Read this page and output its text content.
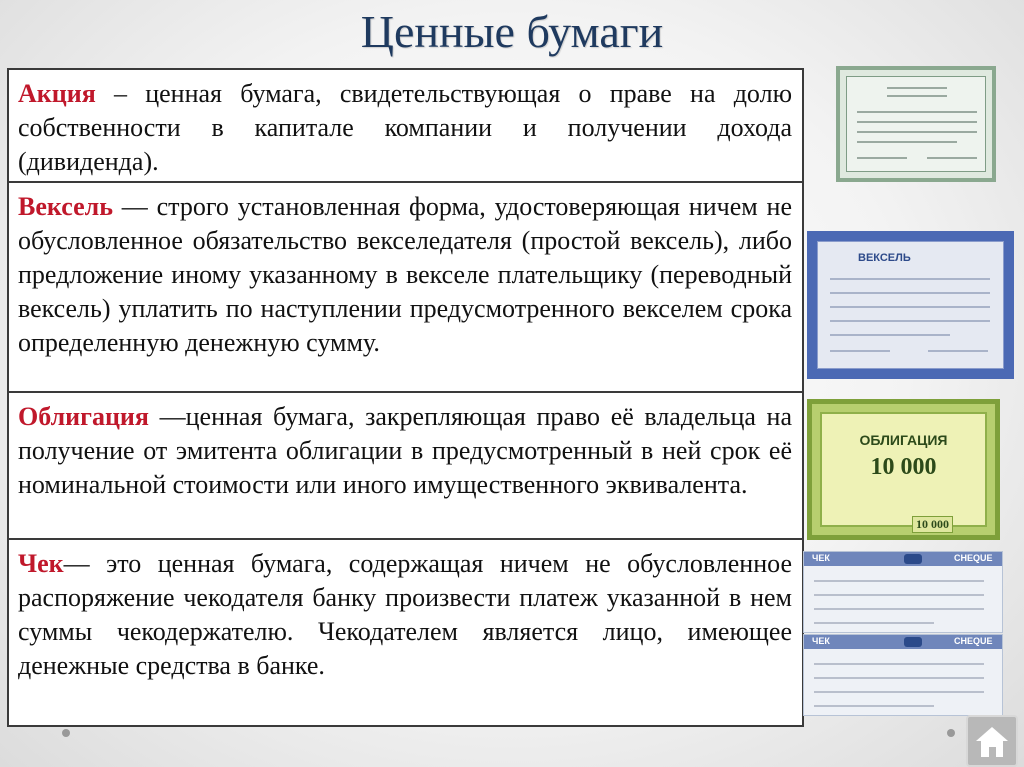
Ценные бумаги
Акция – ценная бумага, свидетельствующая о праве на долю собственности в капитале компании и получении дохода (дивиденда).
Вексель — строго установленная форма, удостоверяющая ничем не обусловленное обязательство векселедателя (простой вексель), либо предложение иному указанному в векселе плательщику (переводный вексель) уплатить по наступлении предусмотренного векселем срока определенную денежную сумму.
Облигация —ценная бумага, закрепляющая право её владельца на получение от эмитента облигации в предусмотренный в ней срок её номинальной стоимости или иного имущественного эквивалента.
Чек— это ценная бумага, содержащая ничем не обусловленное распоряжение чекодателя банку произвести платеж указанной в нем суммы чекодержателю. Чекодателем является лицо, имеющее денежные средства в банке.
ВЕКСЕЛЬ
ОБЛИГАЦИЯ
10 000
10 000
ЧЕК	CHEQUE
ЧЕК	CHEQUE
